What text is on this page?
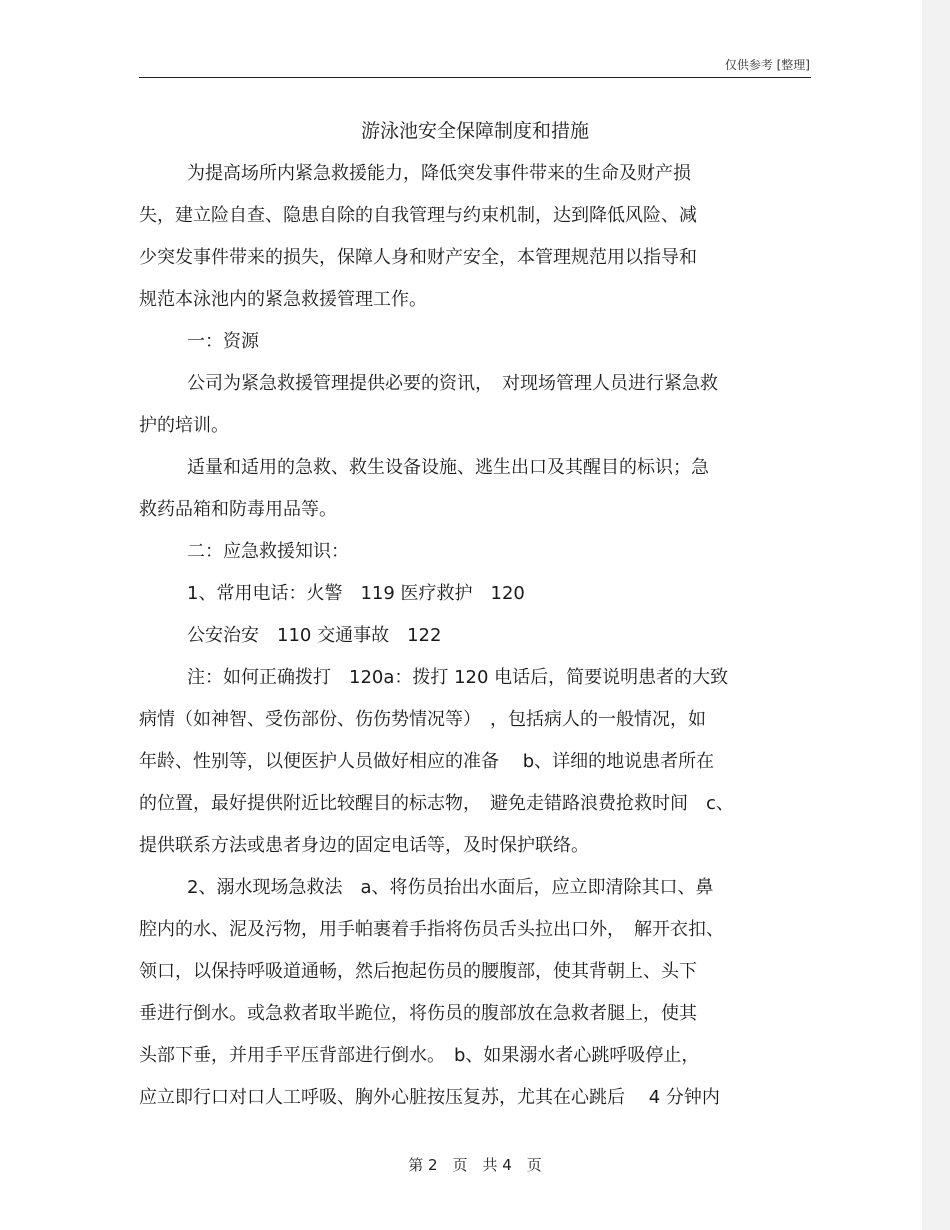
仅供参考 [整理]
游泳池安全保障制度和措施
为提高场所内紧急救援能力，降低突发事件带来的生命及财产损
失，建立险自查、隐患自除的自我管理与约束机制，达到降低风险、减
少突发事件带来的损失，保障人身和财产安全，本管理规范用以指导和
规范本泳池内的紧急救援管理工作。
一：资源
公司为紧急救援管理提供必要的资讯，　对现场管理人员进行紧急救
护的培训。
适量和适用的急救、救生设备设施、逃生出口及其醒目的标识；急
救药品箱和防毒用品等。
二：应急救援知识：
1、常用电话：火警　119 医疗救护　120
公安治安　110 交通事故　122
注：如何正确拨打　120a：拨打 120 电话后，简要说明患者的大致
病情（如神智、受伤部份、伤伤势情况等）　，包括病人的一般情况，如
年龄、性别等，以便医护人员做好相应的准备　 b、详细的地说患者所在
的位置，最好提供附近比较醒目的标志物，　避免走错路浪费抢救时间　c、
提供联系方法或患者身边的固定电话等，及时保护联络。
2、溺水现场急救法　a、将伤员抬出水面后，应立即清除其口、鼻
腔内的水、泥及污物，用手帕裹着手指将伤员舌头拉出口外，　解开衣扣、
领口，以保持呼吸道通畅，然后抱起伤员的腰腹部，使其背朝上、头下
垂进行倒水。或急救者取半跪位，将伤员的腹部放在急救者腿上，使其
头部下垂，并用手平压背部进行倒水。　b、如果溺水者心跳呼吸停止，
应立即行口对口人工呼吸、胸外心脏按压复苏，尤其在心跳后　 4 分钟内
第 2　页　共 4　页
